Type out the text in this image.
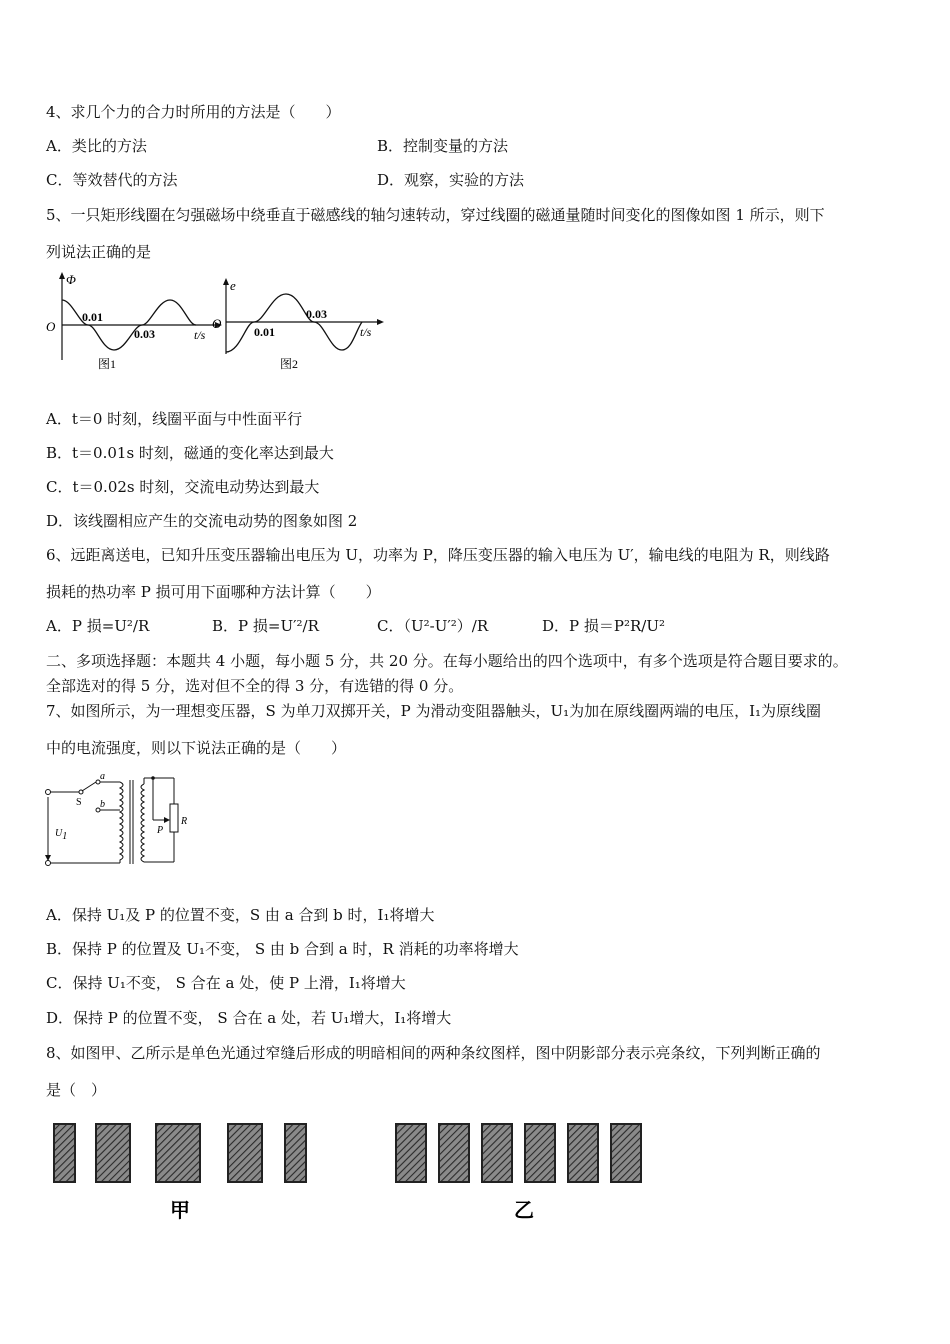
4、求几个力的合力时所用的方法是（　　）
A．类比的方法	B．控制变量的方法
C．等效替代的方法	D．观察，实验的方法
5、一只矩形线圈在匀强磁场中绕垂直于磁感线的轴匀速转动，穿过线圈的磁通量随时间变化的图像如图 1 所示，则下
列说法正确的是
Φ
O
0.01
0.03	t/s
图1
e
O
0.01
0.03
t/s
图2
A．t＝0 时刻，线圈平面与中性面平行
B．t＝0.01s 时刻，磁通的变化率达到最大
C．t＝0.02s 时刻，交流电动势达到最大
D．该线圈相应产生的交流电动势的图象如图 2
6、远距离送电，已知升压变压器输出电压为 U，功率为 P，降压变压器的输入电压为 U′，输电线的电阻为 R，则线路
损耗的热功率 P 损可用下面哪种方法计算（　　）
A．P 损=U²/R	B．P 损=U′²/R	C．（U²-U′²）/R	D．P 损＝P²R/U²
二、多项选择题：本题共 4 小题，每小题 5 分，共 20 分。在每小题给出的四个选项中，有多个选项是符合题目要求的。
全部选对的得 5 分，选对但不全的得 3 分，有选错的得 0 分。
7、如图所示，为一理想变压器，S 为单刀双掷开关，P 为滑动变阻器触头，U₁为加在原线圈两端的电压，I₁为原线圈
中的电流强度，则以下说法正确的是（　　）
a
b
S
U1
P
R
A．保持 U₁及 P 的位置不变，S 由 a 合到 b 时，I₁将增大
B．保持 P 的位置及 U₁不变， S 由 b 合到 a 时，R 消耗的功率将增大
C．保持 U₁不变， S 合在 a 处，使 P 上滑，I₁将增大
D．保持 P 的位置不变， S 合在 a 处，若 U₁增大，I₁将增大
8、如图甲、乙所示是单色光通过窄缝后形成的明暗相间的两种条纹图样，图中阴影部分表示亮条纹，下列判断正确的
是（　）
甲	乙
